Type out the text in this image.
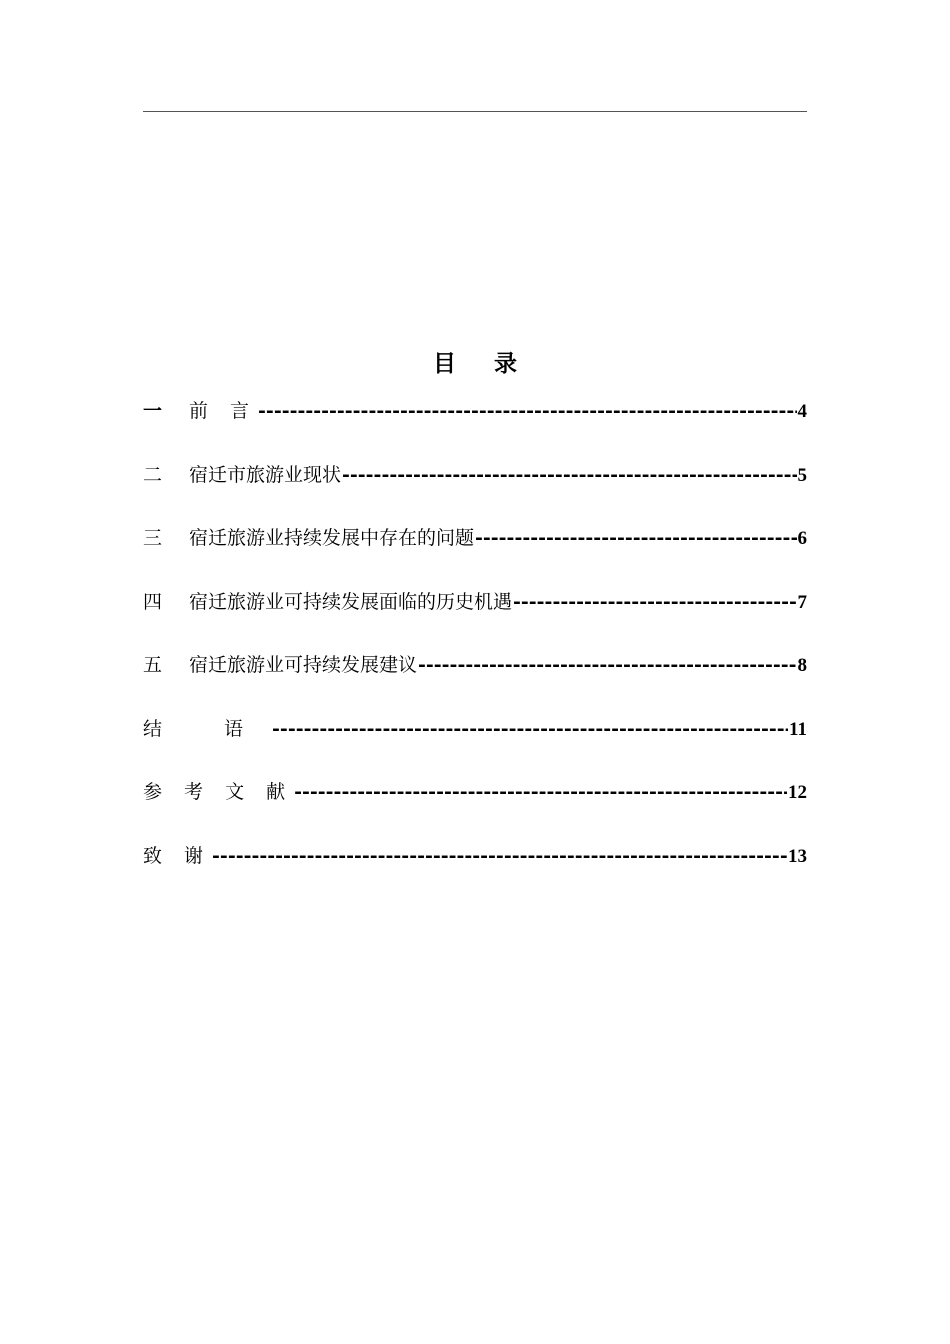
目 录
一	前 言 -----	4
二	宿迁市旅游业现状 -----	5
三	宿迁旅游业持续发展中存在的问题 -----	6
四	宿迁旅游业可持续发展面临的历史机遇 -----	7
五	宿迁旅游业可持续发展建议 -----	8
结 语 -----	11
参 考 文 献 -----	12
致 谢 -----	13
